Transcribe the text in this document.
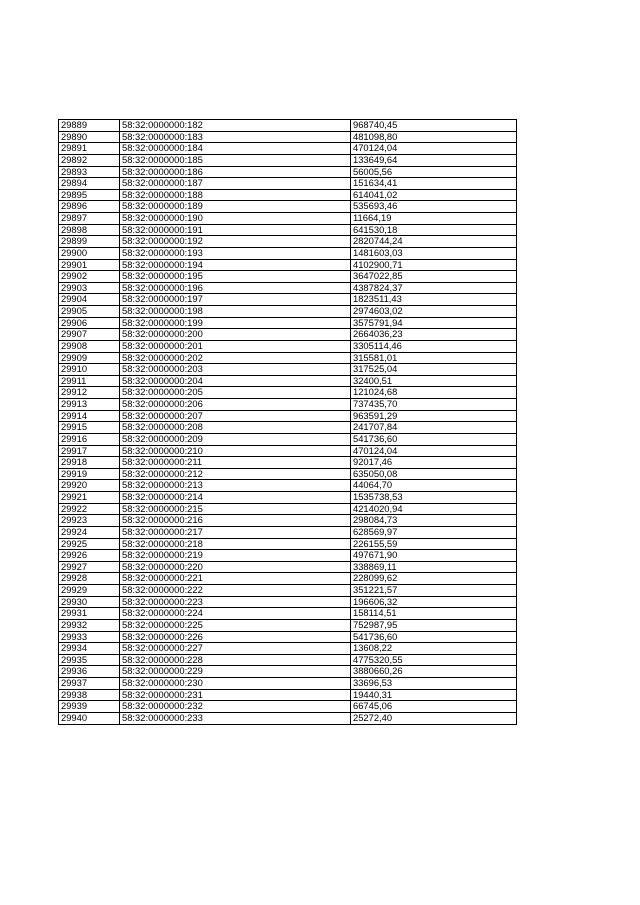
29889	58:32:0000000:182	968740,45
29890	58:32:0000000:183	481098,80
29891	58:32:0000000:184	470124,04
29892	58:32:0000000:185	133649,64
29893	58:32:0000000:186	56005,56
29894	58:32:0000000:187	151634,41
29895	58:32:0000000:188	614041,02
29896	58:32:0000000:189	535693,46
29897	58:32:0000000:190	11664,19
29898	58:32:0000000:191	641530,18
29899	58:32:0000000:192	2820744,24
29900	58:32:0000000:193	1481603,03
29901	58:32:0000000:194	4102900,71
29902	58:32:0000000:195	3647022,85
29903	58:32:0000000:196	4387824,37
29904	58:32:0000000:197	1823511,43
29905	58:32:0000000:198	2974603,02
29906	58:32:0000000:199	3575791,94
29907	58:32:0000000:200	2664036,23
29908	58:32:0000000:201	3305114,46
29909	58:32:0000000:202	315581,01
29910	58:32:0000000:203	317525,04
29911	58:32:0000000:204	32400,51
29912	58:32:0000000:205	121024,68
29913	58:32:0000000:206	737435,70
29914	58:32:0000000:207	963591,29
29915	58:32:0000000:208	241707,84
29916	58:32:0000000:209	541736,60
29917	58:32:0000000:210	470124,04
29918	58:32:0000000:211	92017,46
29919	58:32:0000000:212	635050,08
29920	58:32:0000000:213	44064,70
29921	58:32:0000000:214	1535738,53
29922	58:32:0000000:215	4214020,94
29923	58:32:0000000:216	298084,73
29924	58:32:0000000:217	628569,97
29925	58:32:0000000:218	226155,59
29926	58:32:0000000:219	497671,90
29927	58:32:0000000:220	338869,11
29928	58:32:0000000:221	228099,62
29929	58:32:0000000:222	351221,57
29930	58:32:0000000:223	196606,32
29931	58:32:0000000:224	158114,51
29932	58:32:0000000:225	752987,95
29933	58:32:0000000:226	541736,60
29934	58:32:0000000:227	13608,22
29935	58:32:0000000:228	4775320,55
29936	58:32:0000000:229	3880660,26
29937	58:32:0000000:230	33696,53
29938	58:32:0000000:231	19440,31
29939	58:32:0000000:232	66745,06
29940	58:32:0000000:233	25272,40
